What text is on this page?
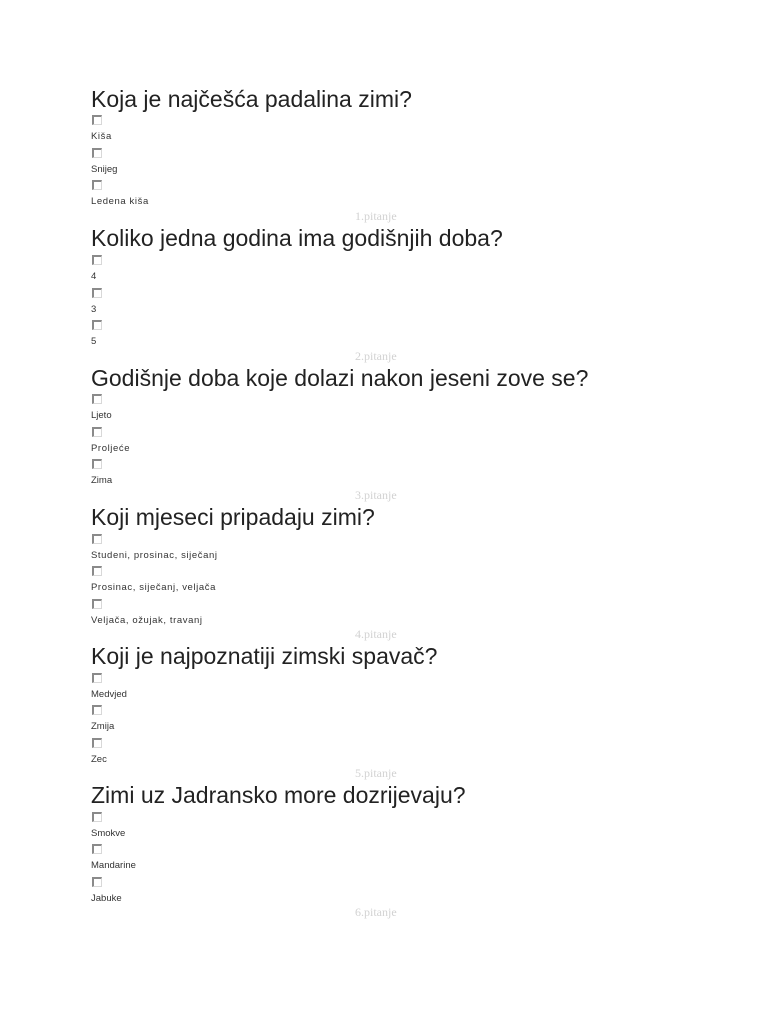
Koja je najčešća padalina zimi?
Kiša
Snijeg
Ledena kiša
1.pitanje
Koliko jedna godina ima godišnjih doba?
4
3
5
2.pitanje
Godišnje doba koje dolazi nakon jeseni zove se?
Ljeto
Proljeće
Zima
3.pitanje
Koji mjeseci pripadaju zimi?
Studeni, prosinac, siječanj
Prosinac, siječanj, veljača
Veljača, ožujak, travanj
4.pitanje
Koji je najpoznatiji zimski spavač?
Medvjed
Zmija
Zec
5.pitanje
Zimi uz Jadransko more dozrijevaju?
Smokve
Mandarine
Jabuke
6.pitanje
